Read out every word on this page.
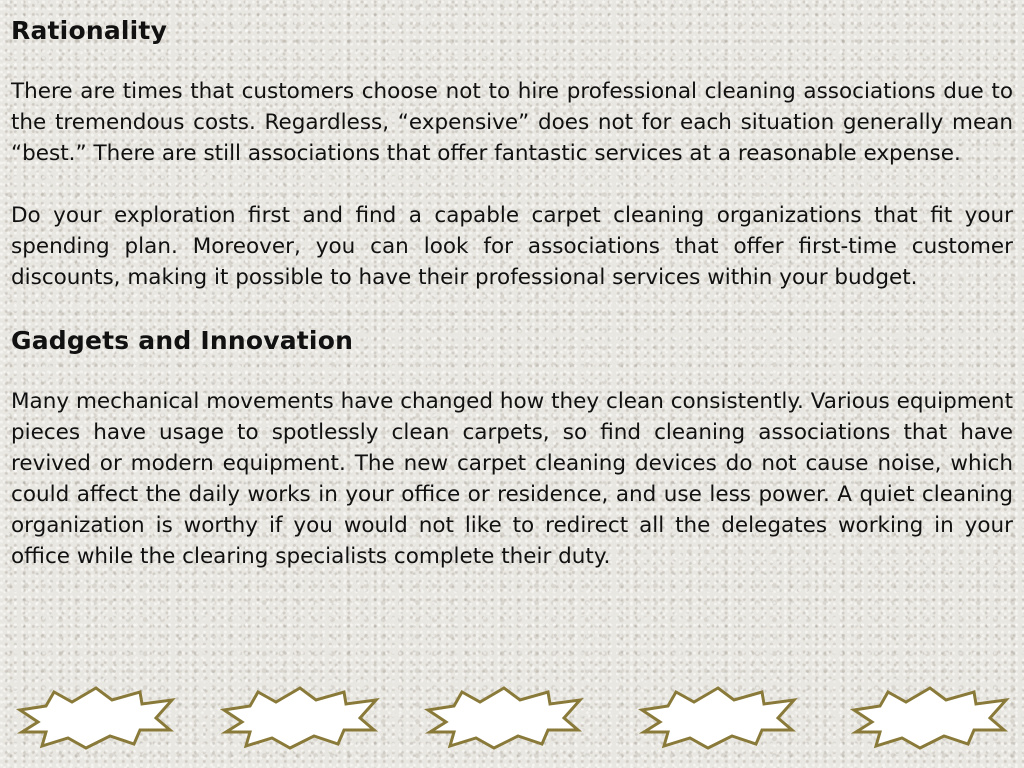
Rationality

There are times that customers choose not to hire professional cleaning associations due to the tremendous costs. Regardless, “expensive” does not for each situation generally mean “best.” There are still associations that offer fantastic services at a reasonable expense.

Do your exploration first and find a capable carpet cleaning organizations that fit your spending plan. Moreover, you can look for associations that offer first-time customer discounts, making it possible to have their professional services within your budget.

Gadgets and Innovation

Many mechanical movements have changed how they clean consistently. Various equipment pieces have usage to spotlessly clean carpets, so find cleaning associations that have revived or modern equipment. The new carpet cleaning devices do not cause noise, which could affect the daily works in your office or residence, and use less power. A quiet cleaning organization is worthy if you would not like to redirect all the delegates working in your office while the clearing specialists complete their duty.
